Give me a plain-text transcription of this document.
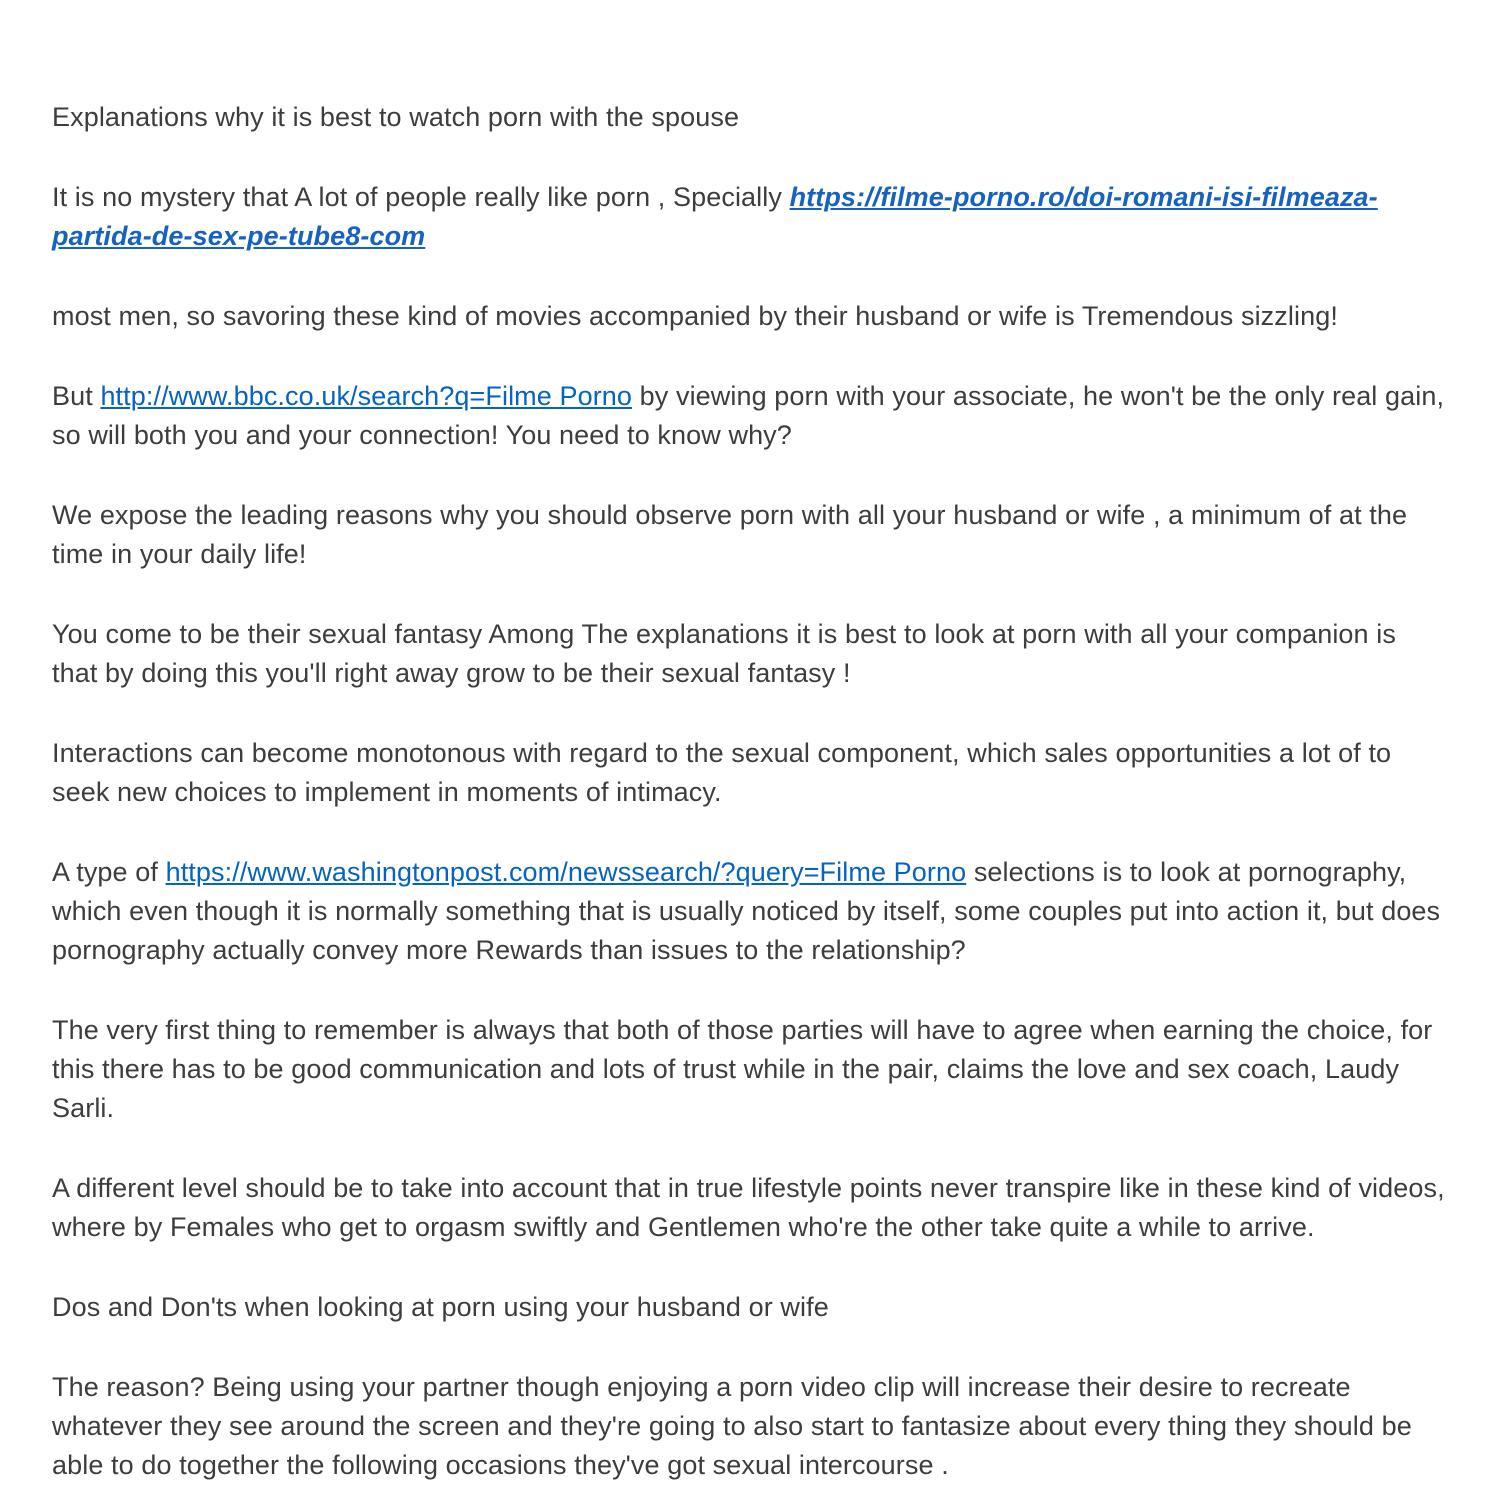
Explanations why it is best to watch porn with the spouse

It is no mystery that A lot of people really like porn , Specially https://filme-porno.ro/doi-romani-isi-filmeaza-partida-de-sex-pe-tube8-com

most men, so savoring these kind of movies accompanied by their husband or wife is Tremendous sizzling!

But http://www.bbc.co.uk/search?q=Filme Porno by viewing porn with your associate, he won't be the only real gain, so will both you and your connection! You need to know why?

We expose the leading reasons why you should observe porn with all your husband or wife , a minimum of at the time in your daily life!

You come to be their sexual fantasy Among The explanations it is best to look at porn with all your companion is that by doing this you'll right away grow to be their sexual fantasy !

Interactions can become monotonous with regard to the sexual component, which sales opportunities a lot of to seek new choices to implement in moments of intimacy.

A type of https://www.washingtonpost.com/newssearch/?query=Filme Porno selections is to look at pornography, which even though it is normally something that is usually noticed by itself, some couples put into action it, but does pornography actually convey more Rewards than issues to the relationship?

The very first thing to remember is always that both of those parties will have to agree when earning the choice, for this there has to be good communication and lots of trust while in the pair, claims the love and sex coach, Laudy Sarli.

A different level should be to take into account that in true lifestyle points never transpire like in these kind of videos, where by Females who get to orgasm swiftly and Gentlemen who're the other take quite a while to arrive.

Dos and Don'ts when looking at porn using your husband or wife

The reason? Being using your partner though enjoying a porn video clip will increase their desire to recreate whatever they see around the screen and they're going to also start to fantasize about every thing they should be able to do together the following occasions they've got sexual intercourse .
